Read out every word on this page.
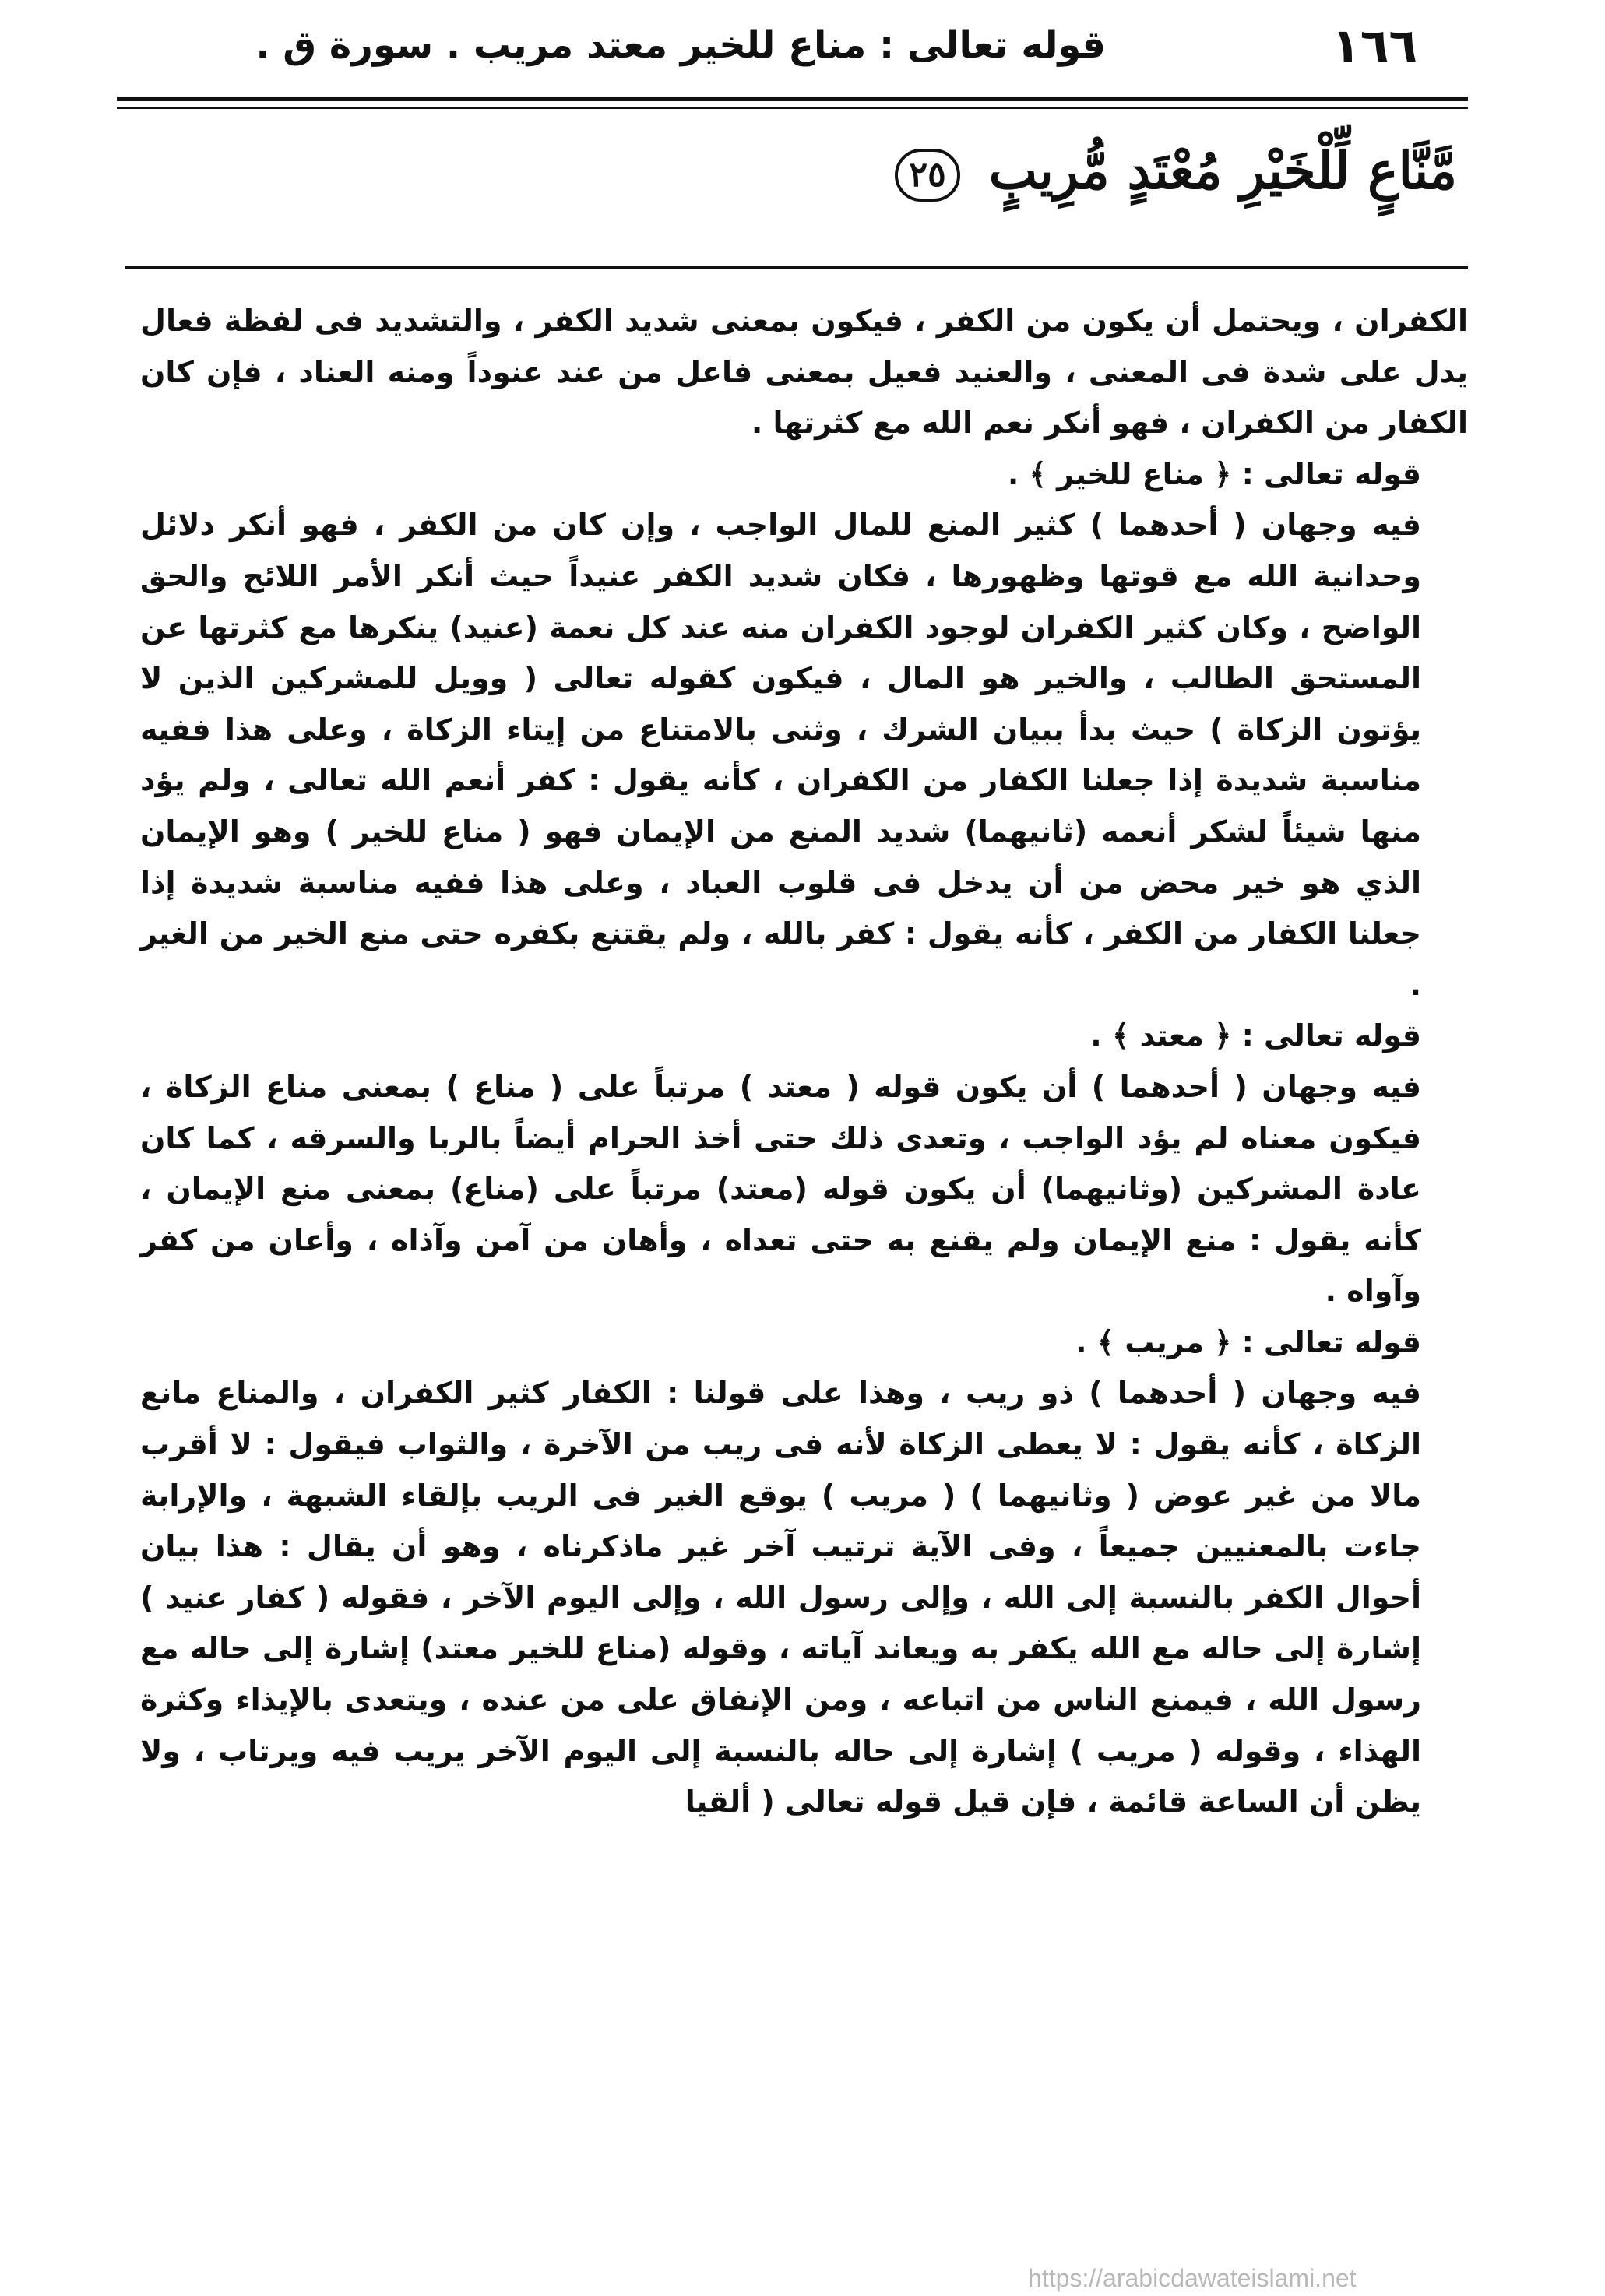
١٦٦
قوله تعالى : مناع للخير معتد مريب . سورة ق .
مَّنَّاعٍ لِّلْخَيْرِ مُعْتَدٍ مُّرِيبٍ ٢٥

الكفران ، ويحتمل أن يكون من الكفر ، فيكون بمعنى شديد الكفر ، والتشديد فى لفظة فعال يدل على شدة فى المعنى ، والعنيد فعيل بمعنى فاعل من عند عنوداً ومنه العناد ، فإن كان الكفار من الكفران ، فهو أنكر نعم الله مع كثرتها .

قوله تعالى : ﴿ مناع للخير ﴾ .

فيه وجهان ( أحدهما ) كثير المنع للمال الواجب ، وإن كان من الكفر ، فهو أنكر دلائل وحدانية الله مع قوتها وظهورها ، فكان شديد الكفر عنيداً حيث أنكر الأمر اللائح والحق الواضح ، وكان كثير الكفران لوجود الكفران منه عند كل نعمة (عنيد) ينكرها مع كثرتها عن المستحق الطالب ، والخير هو المال ، فيكون كقوله تعالى ( وويل للمشركين الذين لا يؤتون الزكاة ) حيث بدأ ببيان الشرك ، وثنى بالامتناع من إيتاء الزكاة ، وعلى هذا ففيه مناسبة شديدة إذا جعلنا الكفار من الكفران ، كأنه يقول : كفر أنعم الله تعالى ، ولم يؤد منها شيئاً لشكر أنعمه (ثانيهما) شديد المنع من الإيمان فهو ( مناع للخير ) وهو الإيمان الذي هو خير محض من أن يدخل فى قلوب العباد ، وعلى هذا ففيه مناسبة شديدة إذا جعلنا الكفار من الكفر ، كأنه يقول : كفر بالله ، ولم يقتنع بكفره حتى منع الخير من الغير .

قوله تعالى : ﴿ معتد ﴾ .

فيه وجهان ( أحدهما ) أن يكون قوله ( معتد ) مرتباً على ( مناع ) بمعنى مناع الزكاة ، فيكون معناه لم يؤد الواجب ، وتعدى ذلك حتى أخذ الحرام أيضاً بالربا والسرقه ، كما كان عادة المشركين (وثانيهما) أن يكون قوله (معتد) مرتباً على (مناع) بمعنى منع الإيمان ، كأنه يقول : منع الإيمان ولم يقنع به حتى تعداه ، وأهان من آمن وآذاه ، وأعان من كفر وآواه .

قوله تعالى : ﴿ مريب ﴾ .

فيه وجهان ( أحدهما ) ذو ريب ، وهذا على قولنا : الكفار كثير الكفران ، والمناع مانع الزكاة ، كأنه يقول : لا يعطى الزكاة لأنه فى ريب من الآخرة ، والثواب فيقول : لا أقرب مالا من غير عوض ( وثانيهما ) ( مريب ) يوقع الغير فى الريب بإلقاء الشبهة ، والإرابة جاءت بالمعنيين جميعاً ، وفى الآية ترتيب آخر غير ماذكرناه ، وهو أن يقال : هذا بيان أحوال الكفر بالنسبة إلى الله ، وإلى رسول الله ، وإلى اليوم الآخر ، فقوله ( كفار عنيد ) إشارة إلى حاله مع الله يكفر به ويعاند آياته ، وقوله (مناع للخير معتد) إشارة إلى حاله مع رسول الله ، فيمنع الناس من اتباعه ، ومن الإنفاق على من عنده ، ويتعدى بالإيذاء وكثرة الهذاء ، وقوله ( مريب ) إشارة إلى حاله بالنسبة إلى اليوم الآخر يريب فيه ويرتاب ، ولا يظن أن الساعة قائمة ، فإن قيل قوله تعالى ( ألقيا

https://arabicdawateislami.net
